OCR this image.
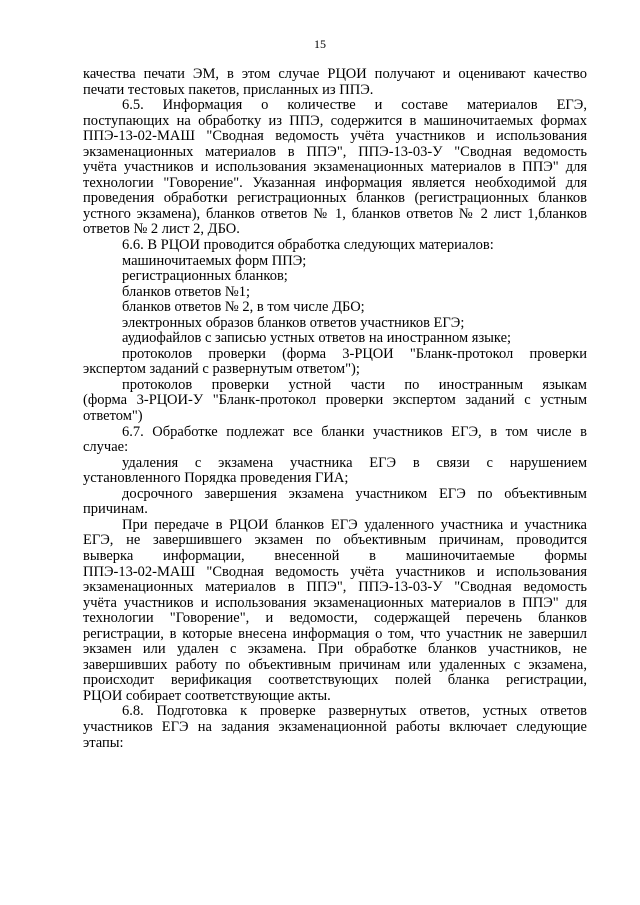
15

качества печати ЭМ, в этом случае РЦОИ получают и оценивают качество

печати тестовых пакетов, присланных из ППЭ.

6.5. Информация о количестве и составе материалов ЕГЭ,

поступающих на обработку из ППЭ, содержится в машиночитаемых формах

ППЭ-13-02-МАШ "Сводная ведомость учёта участников и использования

экзаменационных материалов в ППЭ", ППЭ-13-03-У "Сводная ведомость

учёта участников и использования экзаменационных материалов в ППЭ" для

технологии "Говорение". Указанная информация является необходимой для

проведения обработки регистрационных бланков (регистрационных бланков

устного экзамена), бланков ответов № 1, бланков ответов № 2 лист 1,бланков

ответов № 2 лист 2, ДБО.

6.6. В РЦОИ проводится обработка следующих материалов:

машиночитаемых форм ППЭ;

регистрационных бланков;

бланков ответов №1;

бланков ответов № 2, в том числе ДБО;

электронных образов бланков ответов участников ЕГЭ;

аудиофайлов с записью устных ответов на иностранном языке;

протоколов проверки (форма 3-РЦОИ "Бланк-протокол проверки

экспертом заданий с развернутым ответом");

протоколов проверки устной части по иностранным языкам

(форма 3-РЦОИ-У "Бланк-протокол проверки экспертом заданий с устным

ответом")

6.7. Обработке подлежат все бланки участников ЕГЭ, в том числе в

случае:

удаления с экзамена участника ЕГЭ в связи с нарушением

установленного Порядка проведения ГИА;

досрочного завершения экзамена участником ЕГЭ по объективным

причинам.

При передаче в РЦОИ бланков ЕГЭ удаленного участника и участника

ЕГЭ, не завершившего экзамен по объективным причинам, проводится

выверка информации, внесенной в машиночитаемые формы

ППЭ-13-02-МАШ "Сводная ведомость учёта участников и использования

экзаменационных материалов в ППЭ", ППЭ-13-03-У "Сводная ведомость

учёта участников и использования экзаменационных материалов в ППЭ" для

технологии "Говорение", и ведомости, содержащей перечень бланков

регистрации, в которые внесена информация о том, что участник не завершил

экзамен или удален с экзамена. При обработке бланков участников, не

завершивших работу по объективным причинам или удаленных с экзамена,

происходит верификация соответствующих полей бланка регистрации,

РЦОИ собирает соответствующие акты.

6.8. Подготовка к проверке развернутых ответов, устных ответов

участников ЕГЭ на задания экзаменационной работы включает следующие

этапы:
